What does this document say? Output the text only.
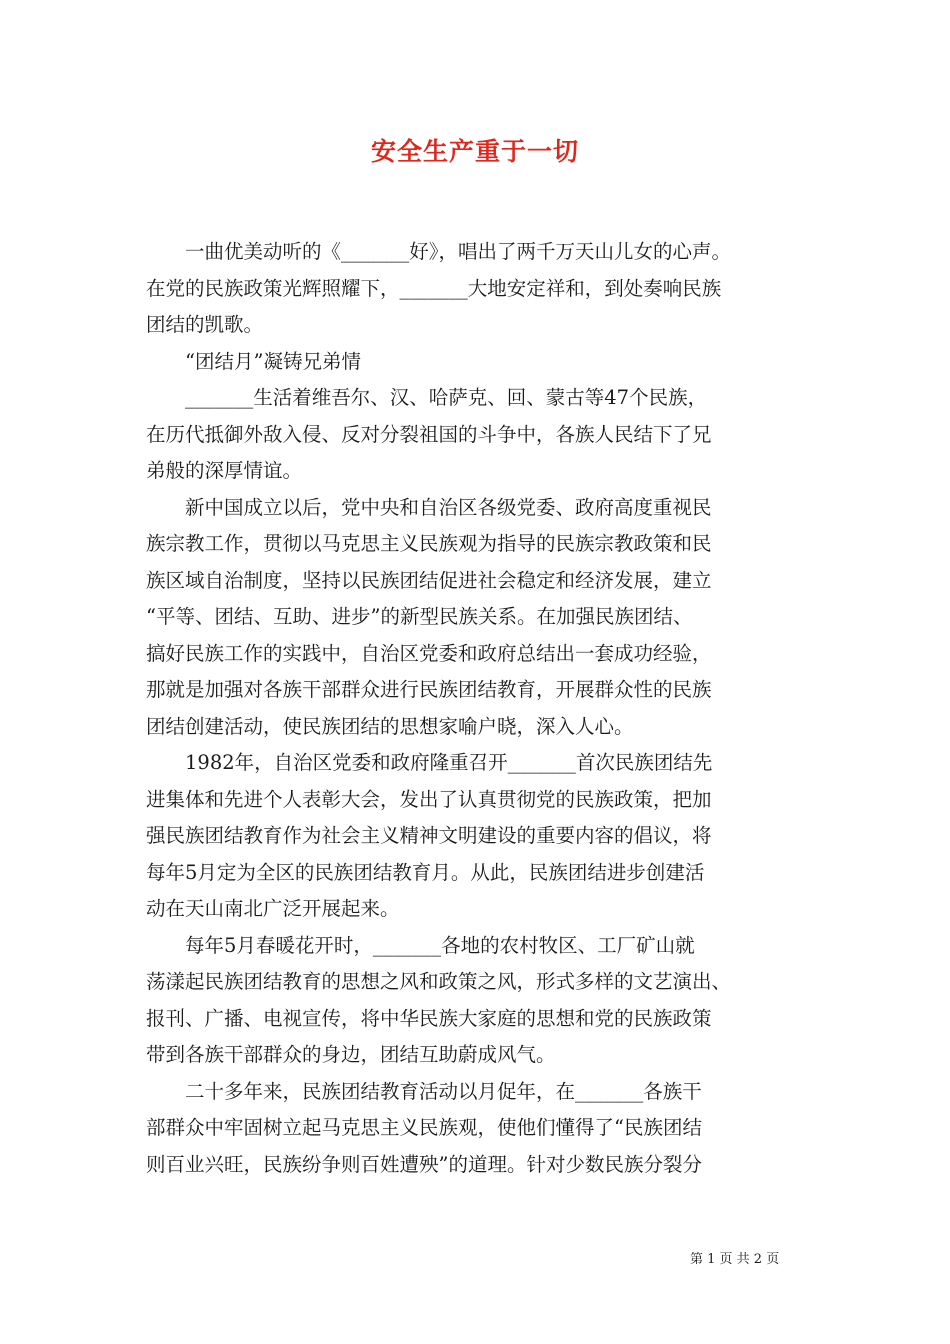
安全生产重于一切
　　一曲优美动听的《_______好》，唱出了两千万天山儿女的心声。
在党的民族政策光辉照耀下，_______大地安定祥和，到处奏响民族
团结的凯歌。
　　“团结月”凝铸兄弟情
　　_______生活着维吾尔、汉、哈萨克、回、蒙古等47个民族，
在历代抵御外敌入侵、反对分裂祖国的斗争中，各族人民结下了兄
弟般的深厚情谊。
　　新中国成立以后，党中央和自治区各级党委、政府高度重视民
族宗教工作，贯彻以马克思主义民族观为指导的民族宗教政策和民
族区域自治制度，坚持以民族团结促进社会稳定和经济发展，建立
“平等、团结、互助、进步”的新型民族关系。在加强民族团结、
搞好民族工作的实践中，自治区党委和政府总结出一套成功经验，
那就是加强对各族干部群众进行民族团结教育，开展群众性的民族
团结创建活动，使民族团结的思想家喻户晓，深入人心。
　　1982年，自治区党委和政府隆重召开_______首次民族团结先
进集体和先进个人表彰大会，发出了认真贯彻党的民族政策，把加
强民族团结教育作为社会主义精神文明建设的重要内容的倡议，将
每年5月定为全区的民族团结教育月。从此，民族团结进步创建活
动在天山南北广泛开展起来。
　　每年5月春暖花开时，_______各地的农村牧区、工厂矿山就
荡漾起民族团结教育的思想之风和政策之风，形式多样的文艺演出、
报刊、广播、电视宣传，将中华民族大家庭的思想和党的民族政策
带到各族干部群众的身边，团结互助蔚成风气。
　　二十多年来，民族团结教育活动以月促年，在_______各族干
部群众中牢固树立起马克思主义民族观，使他们懂得了“民族团结
则百业兴旺，民族纷争则百姓遭殃”的道理。针对少数民族分裂分
第 1 页 共 2 页
